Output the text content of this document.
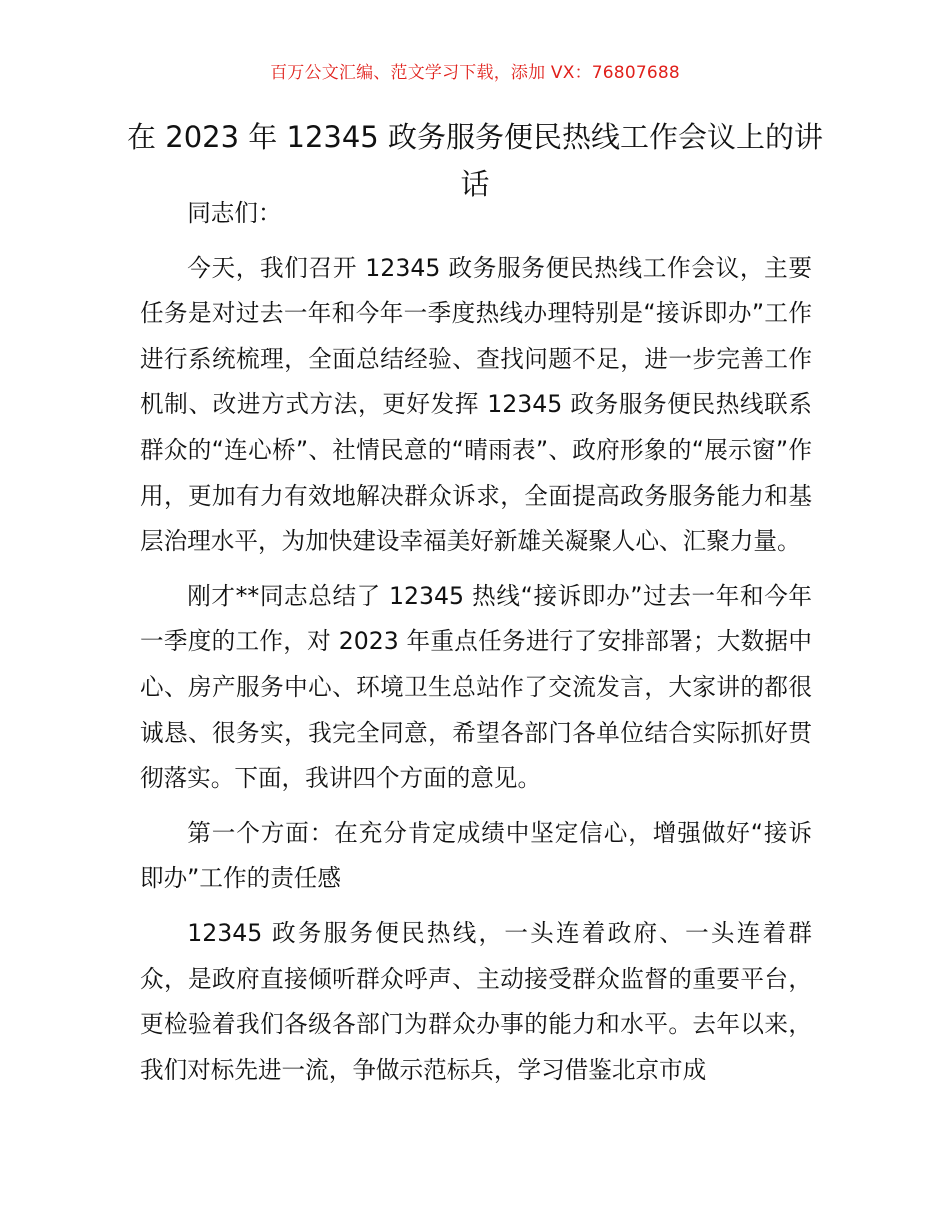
百万公文汇编、范文学习下载，添加 VX：76807688
在 2023 年 12345 政务服务便民热线工作会议上的讲话

同志们：

今天，我们召开 12345 政务服务便民热线工作会议，主要任务是对过去一年和今年一季度热线办理特别是“接诉即办”工作进行系统梳理，全面总结经验、查找问题不足，进一步完善工作机制、改进方式方法，更好发挥 12345 政务服务便民热线联系群众的“连心桥”、社情民意的“晴雨表”、政府形象的“展示窗”作用，更加有力有效地解决群众诉求，全面提高政务服务能力和基层治理水平，为加快建设幸福美好新雄关凝聚人心、汇聚力量。

刚才**同志总结了 12345 热线“接诉即办”过去一年和今年一季度的工作，对 2023 年重点任务进行了安排部署；大数据中心、房产服务中心、环境卫生总站作了交流发言，大家讲的都很诚恳、很务实，我完全同意，希望各部门各单位结合实际抓好贯彻落实。下面，我讲四个方面的意见。

第一个方面：在充分肯定成绩中坚定信心，增强做好“接诉即办”工作的责任感

12345 政务服务便民热线，一头连着政府、一头连着群众，是政府直接倾听群众呼声、主动接受群众监督的重要平台，更检验着我们各级各部门为群众办事的能力和水平。去年以来，我们对标先进一流，争做示范标兵，学习借鉴北京市成
